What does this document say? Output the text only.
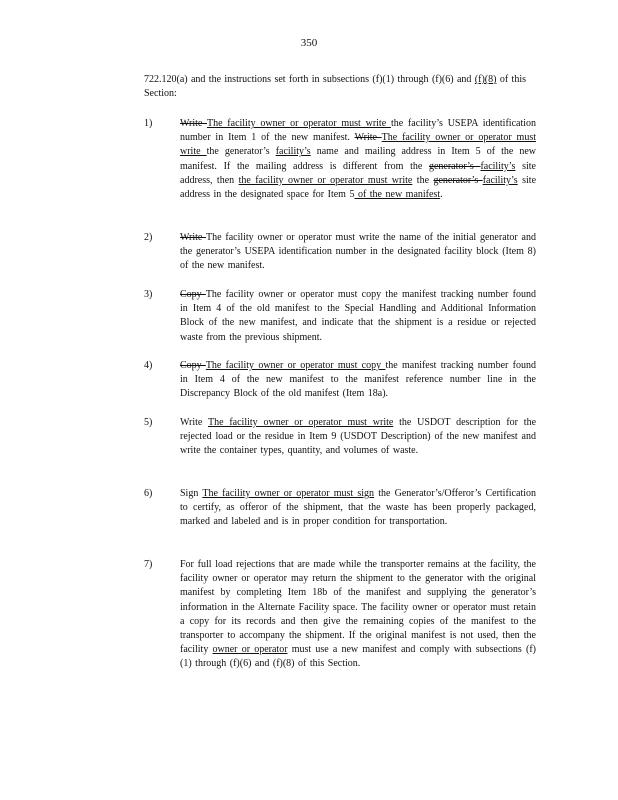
350
722.120(a) and the instructions set forth in subsections (f)(1) through (f)(6) and (f)(8) of this Section:
1)	Write The facility owner or operator must write the facility’s USEPA identification number in Item 1 of the new manifest. Write The facility owner or operator must write the generator’s facility’s name and mailing address in Item 5 of the new manifest. If the mailing address is different from the generator’s facility’s site address, then the facility owner or operator must write the generator’s facility’s site address in the designated space for Item 5 of the new manifest.
2)	Write The facility owner or operator must write the name of the initial generator and the generator’s USEPA identification number in the designated facility block (Item 8) of the new manifest.
3)	Copy The facility owner or operator must copy the manifest tracking number found in Item 4 of the old manifest to the Special Handling and Additional Information Block of the new manifest, and indicate that the shipment is a residue or rejected waste from the previous shipment.
4)	Copy The facility owner or operator must copy the manifest tracking number found in Item 4 of the new manifest to the manifest reference number line in the Discrepancy Block of the old manifest (Item 18a).
5)	Write The facility owner or operator must write the USDOT description for the rejected load or the residue in Item 9 (USDOT Description) of the new manifest and write the container types, quantity, and volumes of waste.
6)	Sign The facility owner or operator must sign the Generator’s/Offeror’s Certification to certify, as offeror of the shipment, that the waste has been properly packaged, marked and labeled and is in proper condition for transportation.
7)	For full load rejections that are made while the transporter remains at the facility, the facility owner or operator may return the shipment to the generator with the original manifest by completing Item 18b of the manifest and supplying the generator’s information in the Alternate Facility space. The facility owner or operator must retain a copy for its records and then give the remaining copies of the manifest to the transporter to accompany the shipment. If the original manifest is not used, then the facility owner or operator must use a new manifest and comply with subsections (f)(1) through (f)(6) and (f)(8) of this Section.
